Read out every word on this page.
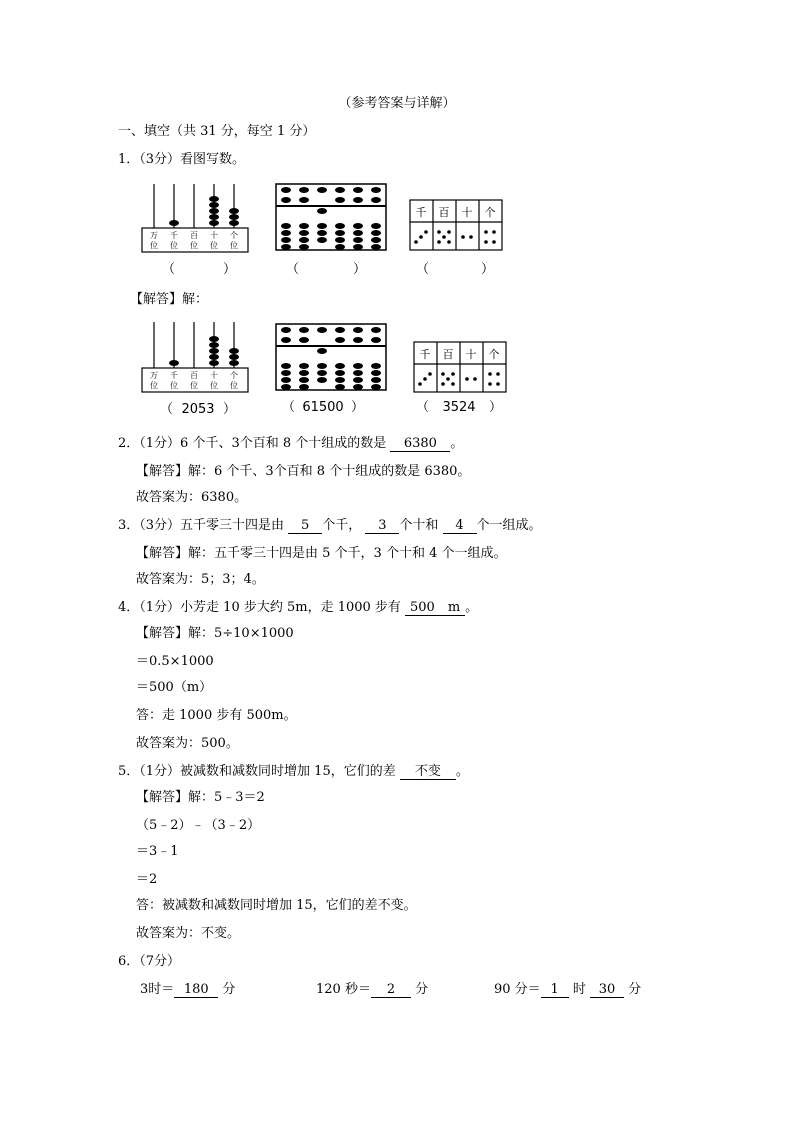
（参考答案与详解）
一、填空（共 31 分，每空 1 分）
1．（3分）看图写数。
万
位
千
位
百
位
十
位
个
位
千 百 十 个
（	）	（	）	（	）
【解答】解：
万
位
千
位
百
位
十
位
个
位
千 百 十 个
（ 2053 ）	（ 61500 ）	（ 3524 ）
2．（1分）6 个千、3个百和 8 个十组成的数是 6380 。
【解答】解：6 个千、3个百和 8 个十组成的数是 6380。
故答案为：6380。
3．（3分）五千零三十四是由 5 个千， 3 个十和 4 个一组成。
【解答】解：五千零三十四是由 5 个千，3 个十和 4 个一组成。
故答案为：5；3；4。
4．（1分）小芳走 10 步大约 5m，走 1000 步有 500　 m 。
【解答】解：5÷10×1000
＝0.5×1000
＝500（m）
答：走 1000 步有 500m。
故答案为：500。
5．（1分）被减数和减数同时增加 15，它们的差 不变 。
【解答】解：5﹣3＝2
（5﹣2）﹣（3﹣2）
＝3﹣1
＝2
答：被减数和减数同时增加 15，它们的差不变。
故答案为：不变。
6．（7分）
3时＝ 180 分	120 秒＝ 2 分	90 分＝ 1 时 30 分
